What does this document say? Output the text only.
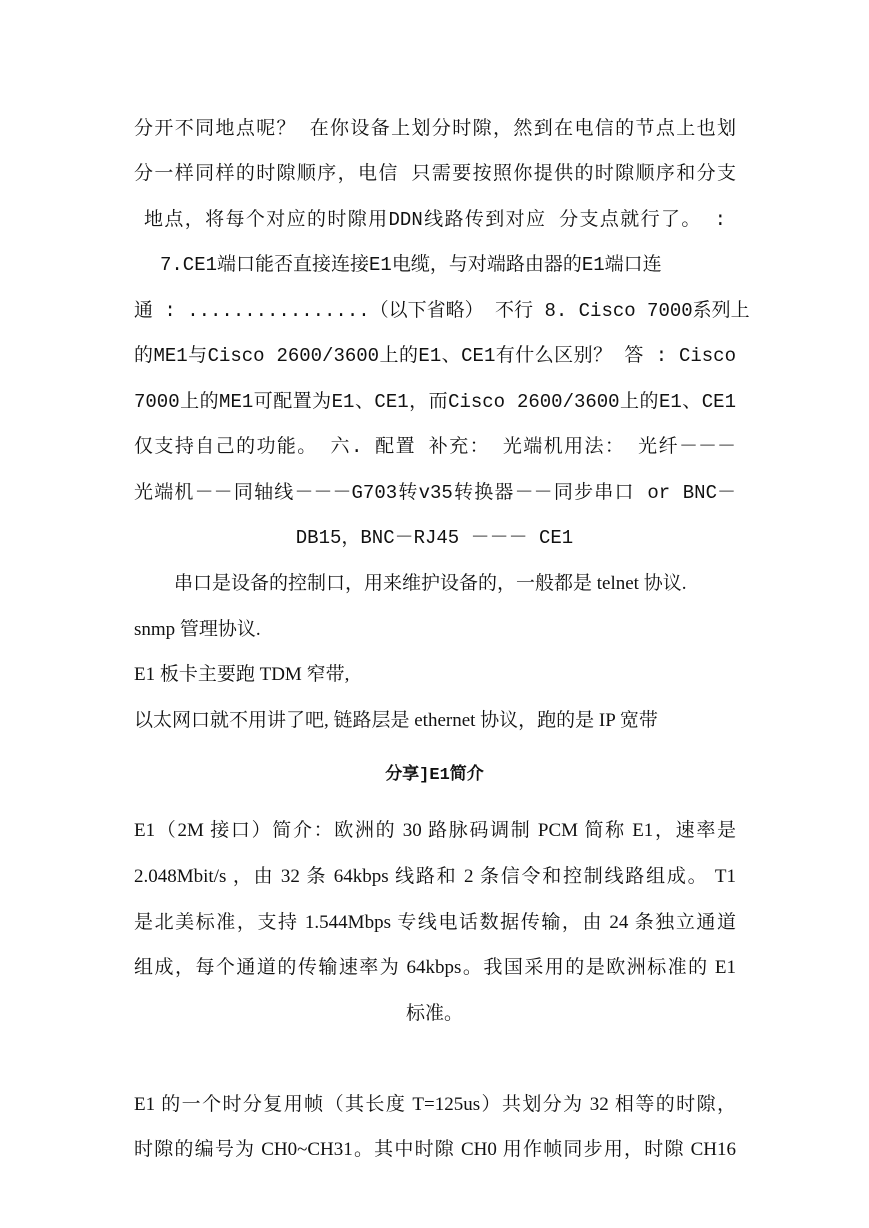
分开不同地点呢？ 在你设备上划分时隙，然到在电信的节点上也划
分一样同样的时隙顺序，电信 只需要按照你提供的时隙顺序和分支
地点，将每个对应的时隙用DDN线路传到对应 分支点就行了。 :
7.CE1端口能否直接连接E1电缆，与对端路由器的E1端口连
通 : ................（以下省略） 不行 8. Cisco 7000系列上
的ME1与Cisco 2600/3600上的E1、CE1有什么区别？ 答 : Cisco
7000上的ME1可配置为E1、CE1，而Cisco 2600/3600上的E1、CE1
仅支持自己的功能。 六. 配置 补充： 光端机用法： 光纤－－－
光端机－－同轴线－－－G703转v35转换器－－同步串口 or BNC－
DB15，BNC－RJ45 －－－ CE1
串口是设备的控制口，用来维护设备的，一般都是 telnet 协议.
snmp 管理协议.
E1 板卡主要跑 TDM 窄带,
以太网口就不用讲了吧, 链路层是 ethernet 协议，跑的是 IP 宽带
分享]E1简介
E1（2M 接口）简介：欧洲的 30 路脉码调制 PCM 简称 E1，速率是
2.048Mbit/s ，由 32 条 64kbps 线路和 2 条信令和控制线路组成。 T1
是北美标准，支持 1.544Mbps 专线电话数据传输，由 24 条独立通道
组成，每个通道的传输速率为 64kbps。我国采用的是欧洲标准的 E1
标准。
E1 的一个时分复用帧（其长度 T=125us）共划分为 32 相等的时隙，
时隙的编号为 CH0~CH31。其中时隙 CH0 用作帧同步用，时隙 CH16
